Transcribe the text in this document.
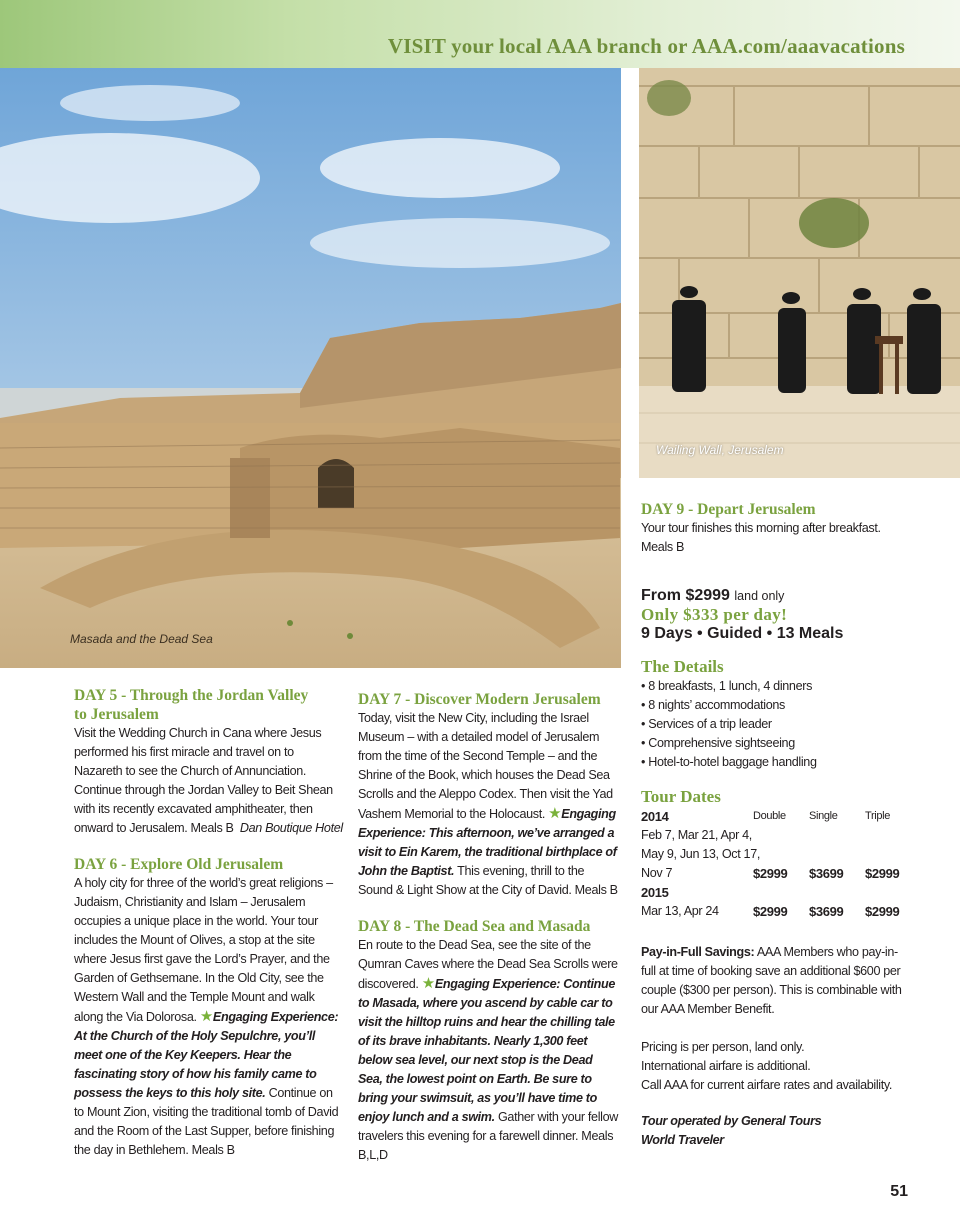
VISIT your local AAA branch or AAA.com/aaavacations
Masada and the Dead Sea
Wailing Wall, Jerusalem
DAY 5 - Through the Jordan Valley
to Jerusalem
Visit the Wedding Church in Cana where Jesus performed his first miracle and travel on to Nazareth to see the Church of Annunciation. Continue through the Jordan Valley to Beit Shean with its recently excavated amphitheater, then onward to Jerusalem. Meals B Dan Boutique Hotel
DAY 6 - Explore Old Jerusalem
A holy city for three of the world’s great religions – Judaism, Christianity and Islam – Jerusalem occupies a unique place in the world. Your tour includes the Mount of Olives, a stop at the site where Jesus first gave the Lord’s Prayer, and the Garden of Gethsemane. In the Old City, see the Western Wall and the Temple Mount and walk along the Via Dolorosa. ★Engaging Experience: At the Church of the Holy Sepulchre, you’ll meet one of the Key Keepers. Hear the fascinating story of how his family came to possess the keys to this holy site. Continue on to Mount Zion, visiting the traditional tomb of David and the Room of the Last Supper, before finishing the day in Bethlehem. Meals B
DAY 7 - Discover Modern Jerusalem
Today, visit the New City, including the Israel Museum – with a detailed model of Jerusalem from the time of the Second Temple – and the Shrine of the Book, which houses the Dead Sea Scrolls and the Aleppo Codex. Then visit the Yad Vashem Memorial to the Holocaust. ★Engaging Experience: This afternoon, we’ve arranged a visit to Ein Karem, the traditional birthplace of John the Baptist. This evening, thrill to the Sound & Light Show at the City of David. Meals B
DAY 8 - The Dead Sea and Masada
En route to the Dead Sea, see the site of the Qumran Caves where the Dead Sea Scrolls were discovered. ★Engaging Experience: Continue to Masada, where you ascend by cable car to visit the hilltop ruins and hear the chilling tale of its brave inhabitants. Nearly 1,300 feet below sea level, our next stop is the Dead Sea, the lowest point on Earth. Be sure to bring your swimsuit, as you’ll have time to enjoy lunch and a swim. Gather with your fellow travelers this evening for a farewell dinner. Meals B,L,D
DAY 9 - Depart Jerusalem
Your tour finishes this morning after breakfast. Meals B
From $2999 land only
Only $333 per day!
9 Days • Guided • 13 Meals
The Details
• 8 breakfasts, 1 lunch, 4 dinners
• 8 nights’ accommodations
• Services of a trip leader
• Comprehensive sightseeing
• Hotel-to-hotel baggage handling
Tour Dates
2014	Double	Single	Triple
Feb 7, Mar 21, Apr 4,			
May 9, Jun 13, Oct 17,			
Nov 7	$2999	$3699	$2999
2015			
Mar 13, Apr 24	$2999	$3699	$2999
Pay-in-Full Savings: AAA Members who pay-in-full at time of booking save an additional $600 per couple ($300 per person). This is combinable with our AAA Member Benefit.
Pricing is per person, land only.
International airfare is additional.
Call AAA for current airfare rates and availability.
Tour operated by General Tours
World Traveler
51
